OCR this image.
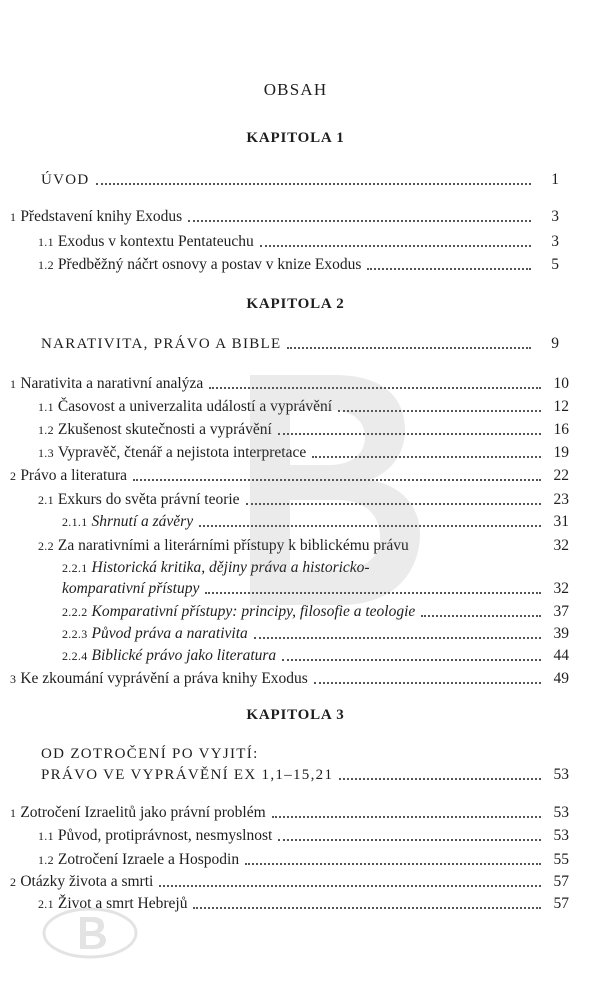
OBSAH
KAPITOLA 1
ÚVOD	1
1 Představení knihy Exodus	3
1.1 Exodus v kontextu Pentateuchu	3
1.2 Předběžný náčrt osnovy a postav v knize Exodus	5
KAPITOLA 2
NARATIVITA, PRÁVO A BIBLE	9
1 Narativita a narativní analýza	10
1.1 Časovost a univerzalita událostí a vyprávění	12
1.2 Zkušenost skutečnosti a vyprávění	16
1.3 Vypravěč, čtenář a nejistota interpretace	19
2 Právo a literatura	22
2.1 Exkurs do světa právní teorie	23
2.1.1 Shrnutí a závěry	31
2.2 Za narativními a literárními přístupy k biblickému právu	32
2.2.1 Historická kritika, dějiny práva a historicko-
komparativní přístupy	32
2.2.2 Komparativní přístupy: principy, filosofie a teologie	37
2.2.3 Původ práva a narativita	39
2.2.4 Biblické právo jako literatura	44
3 Ke zkoumání vyprávění a práva knihy Exodus	49
KAPITOLA 3
OD ZOTROČENÍ PO VYJITÍ:
PRÁVO VE VYPRÁVĚNÍ EX 1,1–15,21	53
1 Zotročení Izraelitů jako právní problém	53
1.1 Původ, protiprávnost, nesmyslnost	53
1.2 Zotročení Izraele a Hospodin	55
2 Otázky života a smrti	57
2.1 Život a smrt Hebrejů	57
